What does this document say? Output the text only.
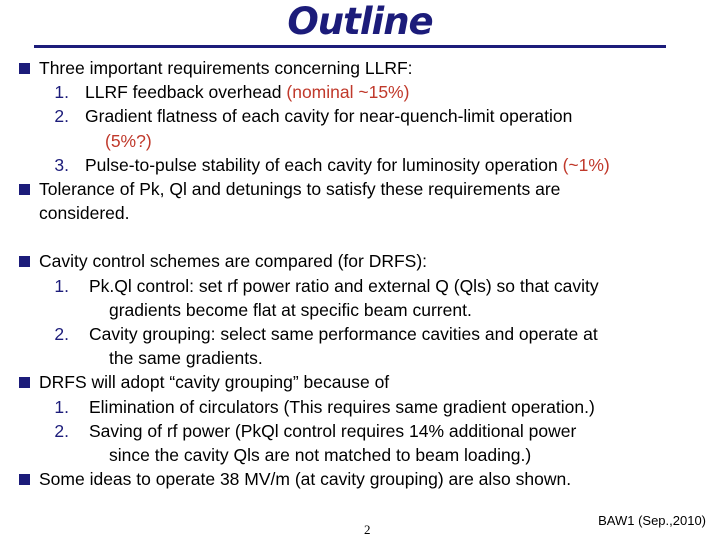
Outline
Three important requirements concerning LLRF:
1. LLRF feedback overhead (nominal ~15%)
2. Gradient flatness of each cavity for near-quench-limit operation
(5%?)
3. Pulse-to-pulse stability of each cavity for luminosity operation (~1%)
Tolerance of Pk, Ql and detunings to satisfy these requirements are
considered.
Cavity control schemes are compared (for DRFS):
1. Pk.Ql control: set rf power ratio and external Q (Qls) so that cavity
gradients become flat at specific beam current.
2. Cavity grouping: select same performance cavities and operate at
the same gradients.
DRFS will adopt “cavity grouping” because of
1. Elimination of circulators (This requires same gradient operation.)
2. Saving of rf power (PkQl control requires 14% additional power
since the cavity Qls are not matched to beam loading.)
Some ideas to operate 38 MV/m (at cavity grouping) are also shown.
2
BAW1 (Sep.,2010)
